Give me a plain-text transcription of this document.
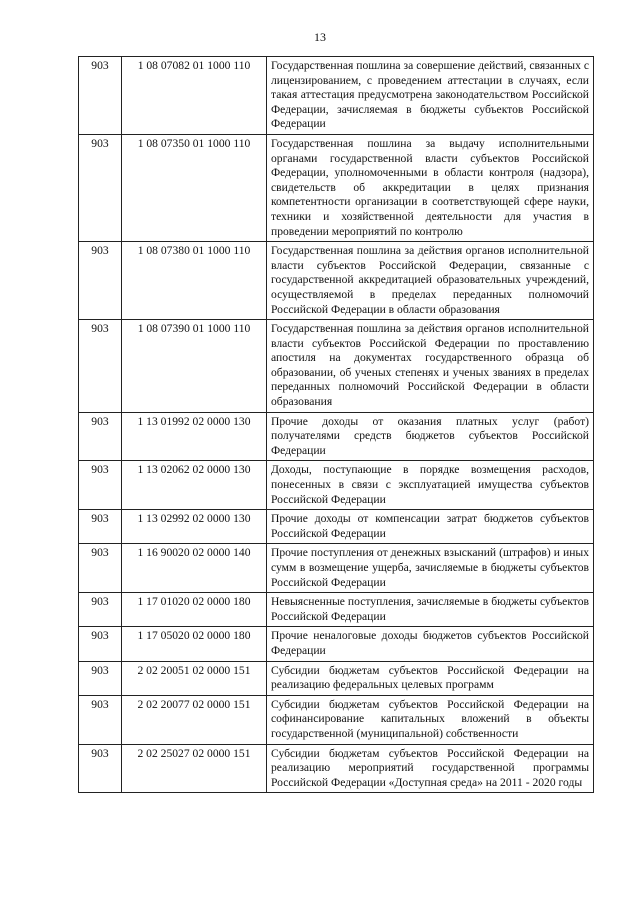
13
903	1 08 07082 01 1000 110	Государственная пошлина за совершение действий, связанных с лицензированием, с проведением аттестации в случаях, если такая аттестация предусмотрена законодательством Российской Федерации, зачисляемая в бюджеты субъектов Российской Федерации
903	1 08 07350 01 1000 110	Государственная пошлина за выдачу исполнительными органами государственной власти субъектов Российской Федерации, уполномоченными в области контроля (надзора), свидетельств об аккредитации в целях признания компетентности организации в соответствующей сфере науки, техники и хозяйственной деятельности для участия в проведении мероприятий по контролю
903	1 08 07380 01 1000 110	Государственная пошлина за действия органов исполнительной власти субъектов Российской Федерации, связанные с государственной аккредитацией образовательных учреждений, осуществляемой в пределах переданных полномочий Российской Федерации в области образования
903	1 08 07390 01 1000 110	Государственная пошлина за действия органов исполнительной власти субъектов Российской Федерации по проставлению апостиля на документах государственного образца об образовании, об ученых степенях и ученых званиях в пределах переданных полномочий Российской Федерации в области образования
903	1 13 01992 02 0000 130	Прочие доходы от оказания платных услуг (работ) получателями средств бюджетов субъектов Российской Федерации
903	1 13 02062 02 0000 130	Доходы, поступающие в порядке возмещения расходов, понесенных в связи с эксплуатацией имущества субъектов Российской Федерации
903	1 13 02992 02 0000 130	Прочие доходы от компенсации затрат бюджетов субъектов Российской Федерации
903	1 16 90020 02 0000 140	Прочие поступления от денежных взысканий (штрафов) и иных сумм в возмещение ущерба, зачисляемые в бюджеты субъектов Российской Федерации
903	1 17 01020 02 0000 180	Невыясненные поступления, зачисляемые в бюджеты субъектов Российской Федерации
903	1 17 05020 02 0000 180	Прочие неналоговые доходы бюджетов субъектов Российской Федерации
903	2 02 20051 02 0000 151	Субсидии бюджетам субъектов Российской Федерации на реализацию федеральных целевых программ
903	2 02 20077 02 0000 151	Субсидии бюджетам субъектов Российской Федерации на софинансирование капитальных вложений в объекты государственной (муниципальной) собственности
903	2 02 25027 02 0000 151	Субсидии бюджетам субъектов Российской Федерации на реализацию мероприятий государственной программы Российской Федерации «Доступная среда» на 2011 - 2020 годы
